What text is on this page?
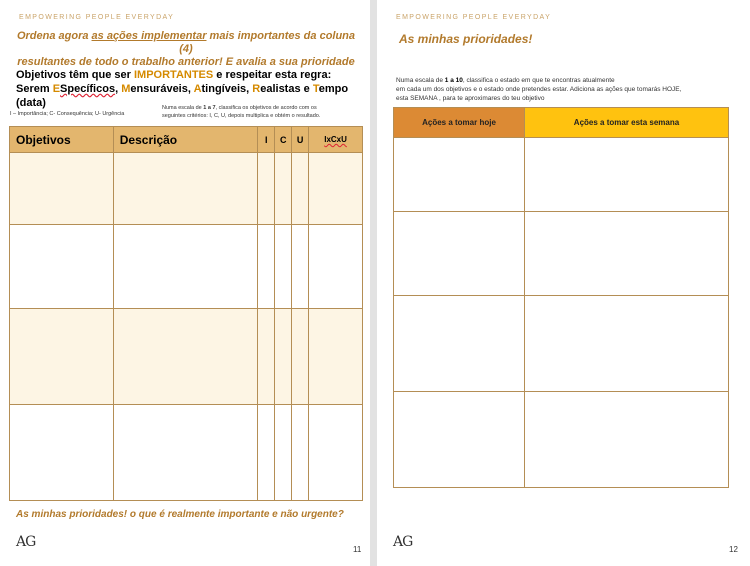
EMPOWERING PEOPLE EVERYDAY
Ordena agora as ações implementar mais importantes da coluna (4)
resultantes de todo o trabalho anterior! E avalia a sua prioridade
Objetivos têm que ser IMPORTANTES e respeitar esta regra:
Serem ESpecíficos, Mensuráveis, Atingíveis, Realistas e Tempo (data)
I – Importância; C- Consequência; U- Urgência
Numa escala de 1 a 7, classifica os objetivos de acordo com os
seguintes critérios: I, C, U, depois multiplica e obtém o resultado.
Objetivos	Descrição	I	C	U	IxCxU

As minhas prioridades! o que é realmente importante e não urgente?
AG	11
EMPOWERING PEOPLE EVERYDAY
As minhas prioridades!
Numa escala de 1 a 10, classifica o estado em que te encontras atualmente
em cada um dos objetivos e o estado onde pretendes estar. Adiciona as ações que tomarás HOJE,
esta SEMANA , para te aproximares do teu objetivo
Ações a tomar hoje	Ações a tomar esta semana

AG	12
